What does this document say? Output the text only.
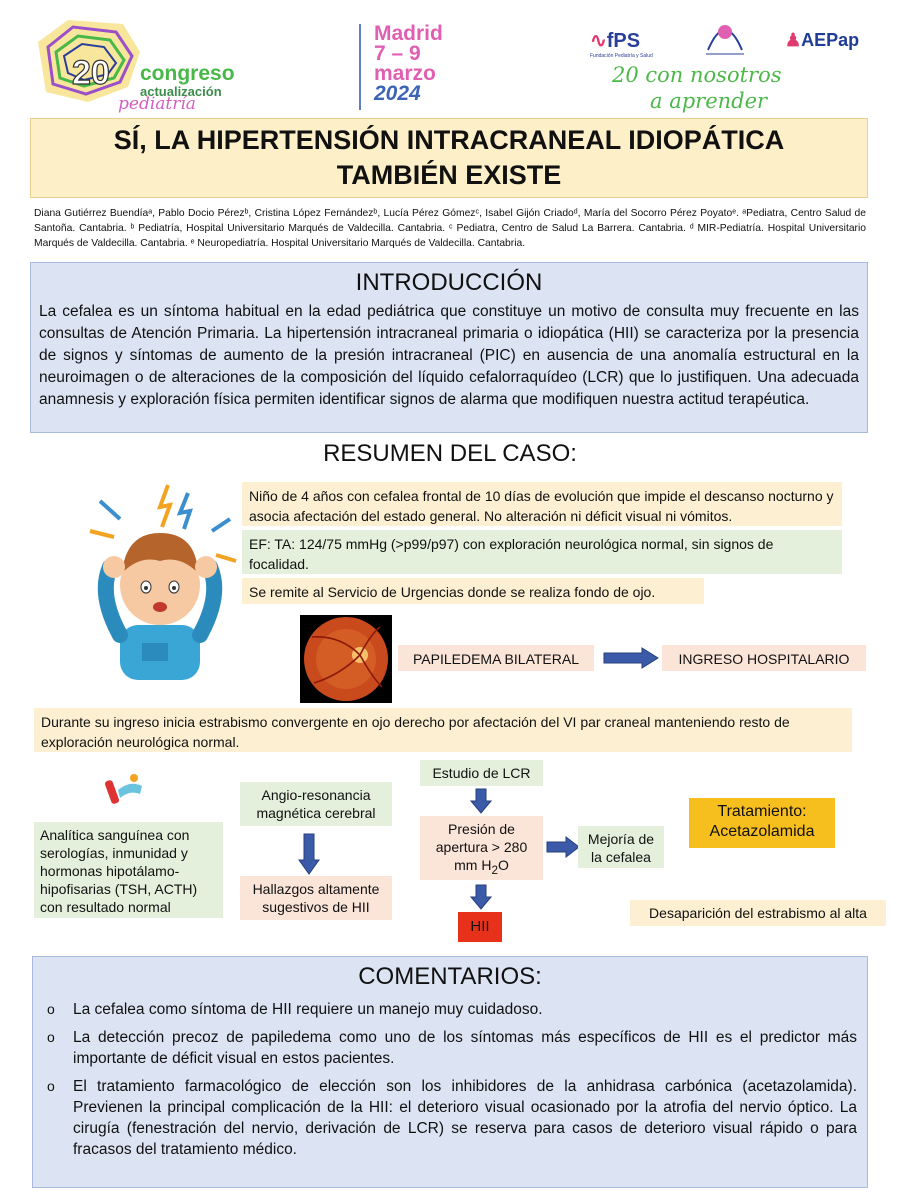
20 congreso
actualización
pediatría
Madrid
7 – 9
marzo
2024
∿fPS
Fundación Pediatría y Salud
♟AEPap
20 con nosotros
a aprender
SÍ, LA HIPERTENSIÓN INTRACRANEAL IDIOPÁTICA TAMBIÉN EXISTE
Diana Gutiérrez Buendíaᵃ, Pablo Docio Pérezᵇ, Cristina López Fernándezᵇ, Lucía Pérez Gómezᶜ, Isabel Gijón Criadoᵈ, María del Socorro Pérez Poyatoᵉ. ᵃPediatra, Centro Salud de Santoña. Cantabria. ᵇ Pediatría, Hospital Universitario Marqués de Valdecilla. Cantabria. ᶜ Pediatra, Centro de Salud La Barrera. Cantabria. ᵈ MIR-Pediatría. Hospital Universitario Marqués de Valdecilla. Cantabria. ᵉ Neuropediatría. Hospital Universitario Marqués de Valdecilla. Cantabria.
INTRODUCCIÓN

La cefalea es un síntoma habitual en la edad pediátrica que constituye un motivo de consulta muy frecuente en las consultas de Atención Primaria. La hipertensión intracraneal primaria o idiopática (HII) se caracteriza por la presencia de signos y síntomas de aumento de la presión intracraneal (PIC) en ausencia de una anomalía estructural en la neuroimagen o de alteraciones de la composición del líquido cefalorraquídeo (LCR) que lo justifiquen. Una adecuada anamnesis y exploración física permiten identificar signos de alarma que modifiquen nuestra actitud terapéutica.

RESUMEN DEL CASO:
Niño de 4 años con cefalea frontal de 10 días de evolución que impide el descanso nocturno y asocia afectación del estado general. No alteración ni déficit visual ni vómitos.
EF: TA: 124/75 mmHg (>p99/p97) con exploración neurológica normal, sin signos de focalidad.
Se remite al Servicio de Urgencias donde se realiza fondo de ojo.
PAPILEDEMA BILATERAL	INGRESO HOSPITALARIO
Durante su ingreso inicia estrabismo convergente en ojo derecho por afectación del VI par craneal manteniendo resto de exploración neurológica normal.
Analítica sanguínea con serologías, inmunidad y hormonas hipotálamo-hipofisarias (TSH, ACTH) con resultado normal
Angio-resonancia magnética cerebral
Hallazgos altamente sugestivos de HII
Estudio de LCR
Presión de apertura > 280 mm $H_2O$
Mejoría de la cefalea
HII
Tratamiento: Acetazolamida
Desaparición del estrabismo al alta
COMENTARIOS:
o La cefalea como síntoma de HII requiere un manejo muy cuidadoso.
o La detección precoz de papiledema como uno de los síntomas más específicos de HII es el predictor más importante de déficit visual en estos pacientes.
o El tratamiento farmacológico de elección son los inhibidores de la anhidrasa carbónica (acetazolamida). Previenen la principal complicación de la HII: el deterioro visual ocasionado por la atrofia del nervio óptico. La cirugía (fenestración del nervio, derivación de LCR) se reserva para casos de deterioro visual rápido o para fracasos del tratamiento médico.
